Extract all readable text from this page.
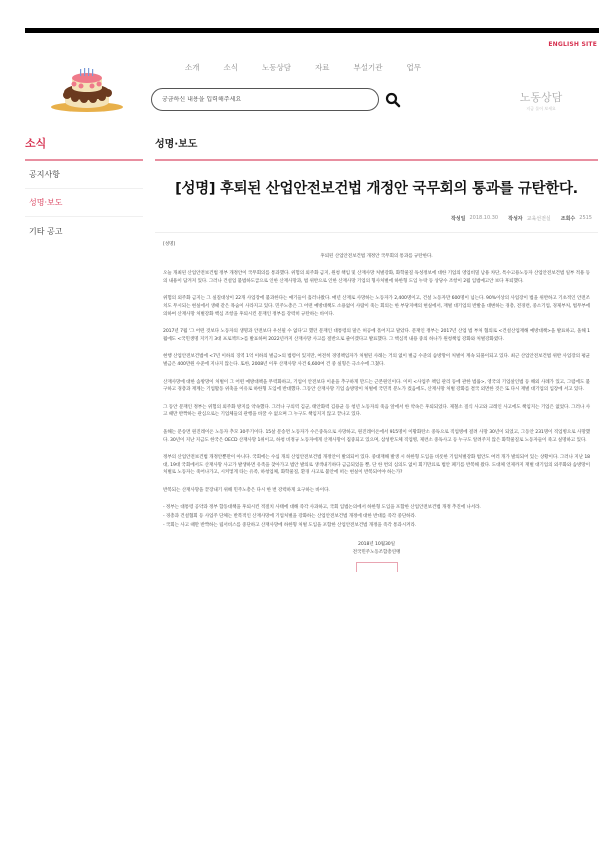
ENGLISH SITE
소개	소식	노동상담	자료	부설기관	업무
궁금하신 내용을 입력해주세요
노동상담
지금 물어 보세요
소식
공지사항
성명·보도
기타 공고
성명·보도
[성명] 후퇴된 산업안전보건법 개정안 국무회의 통과를 규탄한다.
작성일 2018.10.30 작성자 교육선전실 조회수 2515
[성명]
후퇴된 산업안전보건법 개정안 국무회의 통과를 규탄한다.

오늘 개최된 산업안전보건법 정부 개정안이 국무회의를 통과했다. 위험의 외주화 금지, 원청 책임 및 산재사망 처벌강화, 화학물질 독성정보에 대한 기업의 영업비밀 남용 차단, 특수고용노동자 산업안전보건법 일부 적용 등의 내용이 담겨져 있다. 그러나 건설업 불법하도급으로 인한 산재사망과, 법 위반으로 인한 산재사망 기업의 형사처벌에 하한형 도입 누락 등 상당수 조항이 2월 입법예고안 보다 후퇴했다.

위험의 외주화 금지는 그 실질대상이 22개 사업장에 불과한다는 얘기들이 흘러나왔다. 매년 산재로 사망하는 노동자가 2,400명이고, 건설 노동자만 600명이 넘는다. 90%이상의 사업장이 법을 위반하고 기초적인 안전조치도 무시되는 현실에서 생때 같은 목숨이 사라지고 있다. 민주노총은 그 어떤 예방대책도 소용없이 사람이 죽는 회의는 한 부당지배의 현실에서, 재벌 대기업의 반발을 대변하는 경총, 전경련, 중소기업, 경제부처, 법무부에 의하여 산재사망 처벌강화 핵심 조항을 후퇴시킨 문재인 정부를 강력히 규탄하는 바이다.

2017년 7월 '그 어떤 것보다 노동자의 생명과 안전보다 우선될 수 없다'고 했던 문재인 대통령의 말은 허공에 흩어지고 말았다. 문재인 정부는 2017년 산업 법 부처 협의로 <건설산업재해 예방대책>을 발표하고, 올해 1월에도 <국민생명 지키기 3대 프로젝트>를 발표하며 2022년까지 산재사망 사고를 절반으로 줄이겠다고 발표했다. 그 핵심적 내용 중의 하나가 원청책임 강화와 처벌강화였다.

현행 산업안전보건법에 <7년 이하의 징역 1억 이하의 벌금>의 법령이 있지만, 여전히 경영책임자가 처벌된 사례는 거의 없이 벌금 수준의 솜방망이 처벌이 계속 되풀이되고 있다. 최근 산업안전보건법 위반 사업장의 평균 벌금은 400만원 수준에 지나지 않는다. 또한, 2008년 이후 산재사망 사건 6,600여 건 중 실형은 극소수에 그쳤다.

산재사망에 대한 솜방망이 처벌이 그 어떤 예방대책을 무력화하고, 기업이 안전보다 이윤을 추구하게 만드는 근본원인이다. 이미 <사업주 책임 관리 등에 관한 법률>, 영국의 기업살인법 등 해외 사례가 있고, 그럼에도 불구하고 경총과 재계는 기업활동 위축을 이유로 하한형 도입에 반대했다. 그동안 산재사망 기업 솜방망이 처벌에 국민적 분노가 컸음에도, 산재사망 처벌 강화를 결국 외면한 것은 또 다시 재벌 대기업의 입장에 서고 있다.

그 동안 문재인 정부는 위험의 외주화 방지를 약속했다. 그러나 구의역 김군, 태안화력 김용균 등 청년 노동자의 죽음 앞에서 한 약속은 후퇴되었다. 제철소 질식 사고와 크레인 사고에도 책임지는 기업은 없었다. 그러나 사고 때만 반짝하는 관심으로는 기업체들의 관행을 바꿀 수 없으며 그 누구도 책임지지 않고 끝나고 있다.

올해는 문송면 원진레이온 노동자 추모 30주기이다. 15살 문송면 노동자가 수은중독으로 사망하고, 원진레이온에서 915명이 이황화탄소 중독으로 직업병에 걸려 사망 30년이 되었고, 그동안 231명이 직업병으로 사망했다. 30년이 지난 지금도 한국은 OECD 산재사망 1위이고, 하청 비정규 노동자에게 산재사망이 집중되고 있으며, 삼성반도체 직업병, 제련소 중독사고 등 누구도 알려주지 않은 화학물질로 노동자들이 죽고 실명하고 있다.

정부의 산업안전보건법 개정안뿐만이 아니다. 국회에는 수십 개의 산업안전보건법 개정안이 발의되어 있다. 중대재해 발생 시 하한형 도입을 비롯한 기업처벌강화 법안도 여러 개가 발의되어 있는 상황이다. 그러나 지난 18대, 19대 국회에서도 산재사망 사고가 발생하면 유족을 찾아가고 법안 발의로 생색내기하다 금금되었을 뿐, 단 한 번의 심의도 없이 회기만료로 법안 폐기를 반복해 왔다. 도대체 언제까지 재벌 대기업의 외주화와 솜방망이 처벌로 노동자는 죽어나가고, 시커멓게 타는 유족, 하청업체, 화학물질, 환경 사고로 불안에 떠는 현실이 반복되어야 하는가?

반복되는 산재사망을 끝장내기 위해 민주노총은 다시 한 번 강력하게 요구하는 바이다.

- 정부는 대통령 공약과 정부 합동대책을 후퇴시킨 적절치 사태에 대해 즉각 사과하고, 국회 입법논의에서 하한형 도입을 포함한 산업안전보건법 개정 추진에 나서라.
- 경총과 건설협회 등 사업주 단체는 반복적인 산재사망에 기업처벌을 강화하는 산업안전보건법 개정에 대한 반대를 즉각 중단하라.
- 국회는 사고 때만 반짝하는 립서비스를 중단하고 산재사망에 하한형 처벌 도입을 포함한 산업안전보건법 개정을 즉각 통과시켜라.
2018년 10월30일
전국민주노동조합총연맹
